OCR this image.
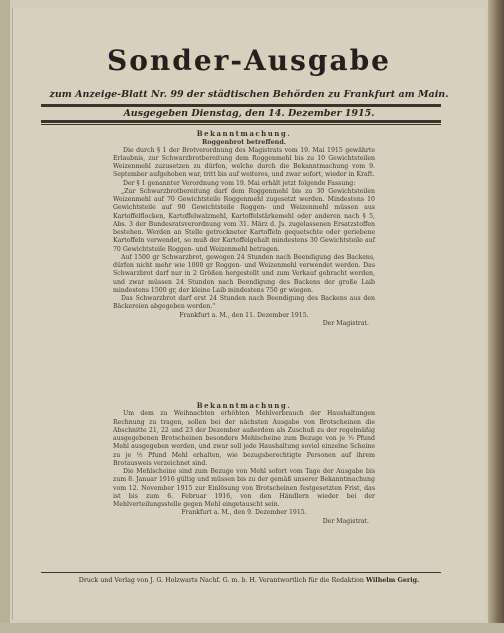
Sonder-Ausgabe
zum Anzeige-Blatt Nr. 99 der städtischen Behörden zu Frankfurt am Main.
Ausgegeben Dienstag, den 14. Dezember 1915.
Bekanntmachung.
Roggenbrot betreffend.

Die durch § 1 der Brotverordnung des Magistrats vom 19. Mai 1915 gewährte Erlaubnis, zur Schwarzbrotbereitung dem Roggenmehl bis zu 10 Gewichtsteilen Weizenmehl zuzusetzen zu dürfen, welche durch die Bekanntmachung vom 9. September aufgehoben war, tritt bis auf weiteres, und zwar sofort, wieder in Kraft.

Der § 1 genannter Verordnung vom 19. Mai erhält jetzt folgende Fassung:

„Zur Schwarzbrotbereitung darf dem Roggenmehl bis zu 30 Gewichtsteilen Weizenmehl auf 70 Gewichtsteile Roggenmehl zugesetzt werden. Mindestens 10 Gewichtsteile auf 90 Gewichtsteile Roggen- und Weizenmehl müssen aus Kartoffelflocken, Kartoffelwalzmehl, Kartoffelstärkemehl oder anderen nach § 5, Abs. 3 der Bundesratsverordnung vom 31. März d. Js. zugelassenen Ersatzstoffen bestehen. Werden an Stelle getrockneter Kartoffeln gequetschte oder geriebene Kartoffeln verwendet, so muß der Kartoffelgehalt mindestens 30 Gewichtsteile auf 70 Gewichtsteile Roggen- und Weizenmehl betragen.

Auf 1500 gr Schwarzbrot, gewogen 24 Stunden nach Beendigung des Backens, dürfen nicht mehr wie 1000 gr Roggen- und Weizenmehl verwendet werden. Das Schwarzbrot darf nur in 2 Größen hergestellt und zum Verkauf gebracht werden, und zwar müssen 24 Stunden nach Beendigung des Backens der große Laib mindestens 1500 gr, der kleine Laib mindestens 750 gr wiegen.

Das Schwarzbrot darf erst 24 Stunden nach Beendigung des Backens aus den Bäckereien abgegeben werden."

Frankfurt a. M., den 11. Dezember 1915.
Der Magistrat.
Bekanntmachung.

Um dem zu Weihnachten erhöhten Mehlverbrauch der Haushaltungen Rechnung zu tragen, sollen bei der nächsten Ausgabe von Brotscheinen die Abschnitte 21, 22 und 23 der Dezember außerdem als Zuschuß zu der regelmäßig ausgegebenen Brotscheinen besondere Mehlscheine zum Bezuge von je ½ Pfund Mehl ausgegeben werden, und zwar soll jede Haushaltung soviel einzelne Scheine zu je ½ Pfund Mehl erhalten, wie bezugsberechtigte Personen auf ihrem Brotausweis verzeichnet sind.

Die Mehlscheine sind zum Bezuge von Mehl sofort vom Tage der Ausgabe bis zum 8. Januar 1916 gültig und müssen bis zu der gemäß unserer Bekanntmachung vom 12. November 1915 zur Einlösung von Brotscheinen festgesetzten Frist, das ist bis zum 6. Februar 1916, von den Händlern wieder bei der Mehlverteilungsstelle gegen Mehl eingetauscht sein.

Frankfurt a. M., den 9. Dezember 1915.
Der Magistrat.
Druck und Verlag von J. G. Holzwarts Nachf. G. m. b. H. Verantwortlich für die Redaktion Wilhelm Gerig.
